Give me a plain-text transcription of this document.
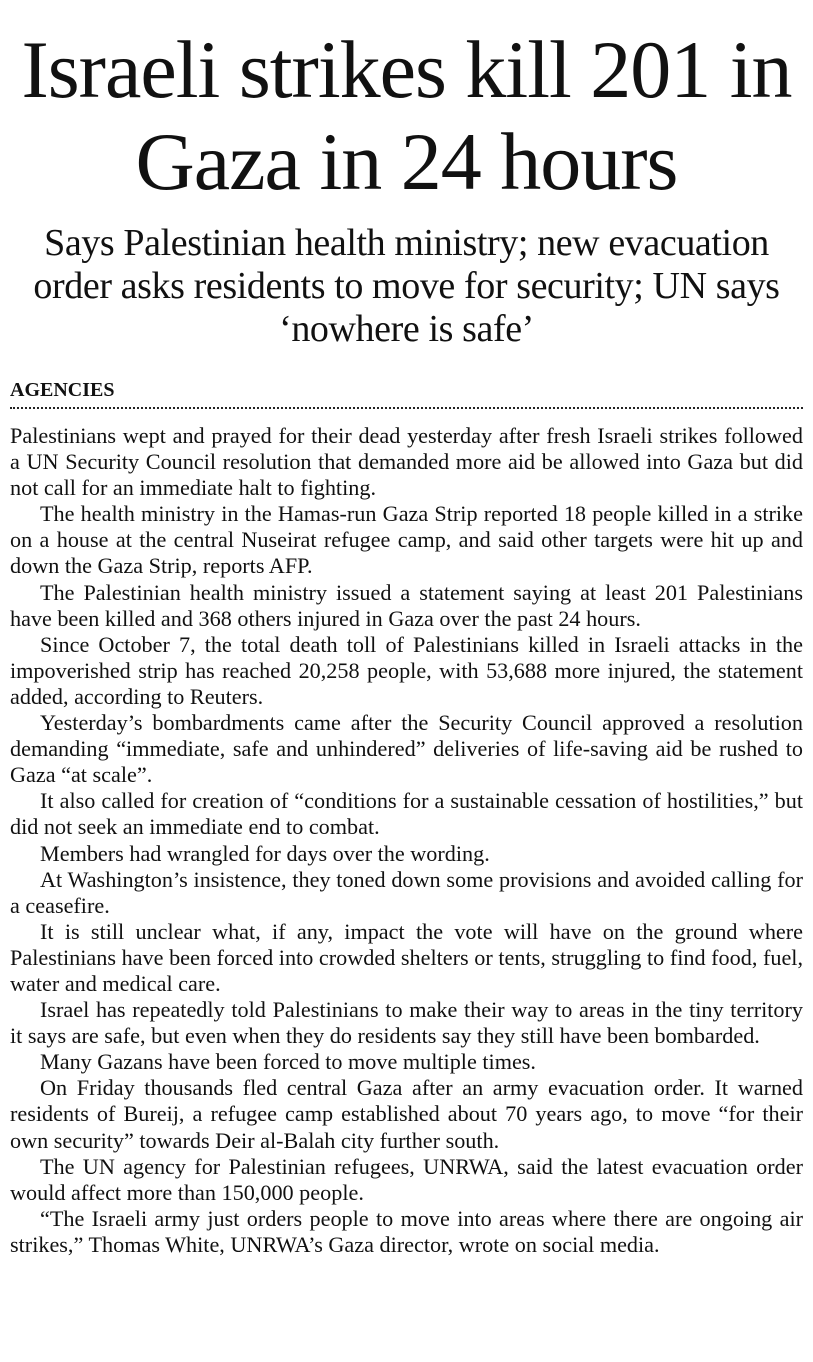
Israeli strikes kill 201 in Gaza in 24 hours
Says Palestinian health ministry; new evacuation order asks residents to move for security; UN says ‘nowhere is safe’
AGENCIES

Palestinians wept and prayed for their dead yesterday after fresh Israeli strikes followed a UN Security Council resolution that demanded more aid be allowed into Gaza but did not call for an immediate halt to fighting.

The health ministry in the Hamas-run Gaza Strip reported 18 people killed in a strike on a house at the central Nuseirat refugee camp, and said other targets were hit up and down the Gaza Strip, reports AFP.

The Palestinian health ministry issued a statement saying at least 201 Palestinians have been killed and 368 others injured in Gaza over the past 24 hours.

Since October 7, the total death toll of Palestinians killed in Israeli attacks in the impoverished strip has reached 20,258 people, with 53,688 more injured, the statement added, according to Reuters.

Yesterday’s bombardments came after the Security Council approved a resolution demanding “immediate, safe and unhindered” deliveries of life-saving aid be rushed to Gaza “at scale”.

It also called for creation of “conditions for a sustainable cessation of hostilities,” but did not seek an immediate end to combat.

Members had wrangled for days over the wording.

At Washington’s insistence, they toned down some provisions and avoided calling for a ceasefire.

It is still unclear what, if any, impact the vote will have on the ground where Palestinians have been forced into crowded shelters or tents, struggling to find food, fuel, water and medical care.

Israel has repeatedly told Palestinians to make their way to areas in the tiny territory it says are safe, but even when they do residents say they still have been bombarded.

Many Gazans have been forced to move multiple times.

On Friday thousands fled central Gaza after an army evacuation order. It warned residents of Bureij, a refugee camp established about 70 years ago, to move “for their own security” towards Deir al-Balah city further south.

The UN agency for Palestinian refugees, UNRWA, said the latest evacuation order would affect more than 150,000 people.

“The Israeli army just orders people to move into areas where there are ongoing air strikes,” Thomas White, UNRWA’s Gaza director, wrote on social media.
